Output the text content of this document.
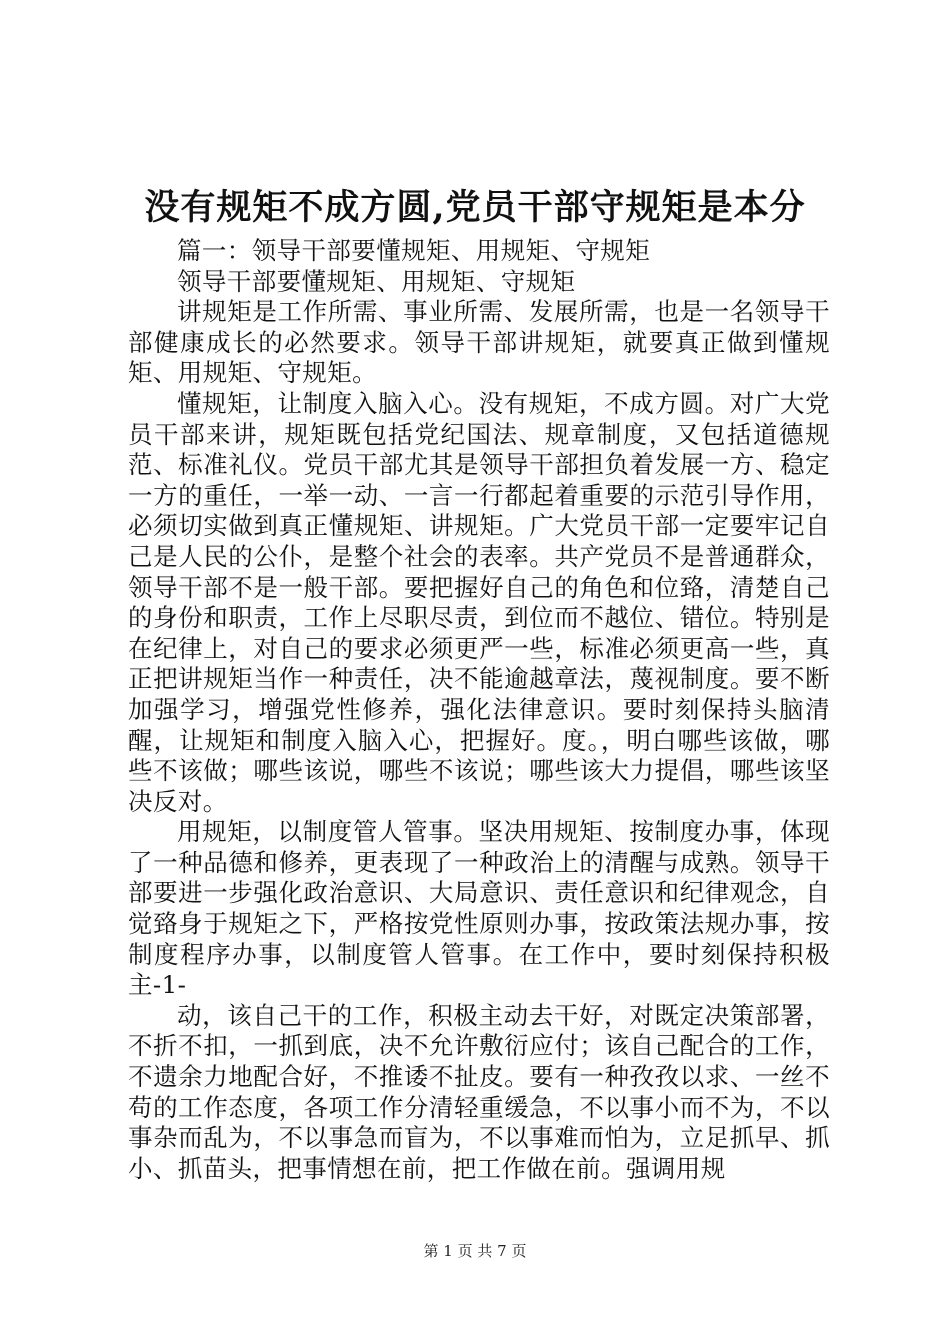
没有规矩不成方圆,党员干部守规矩是本分

篇一：领导干部要懂规矩、用规矩、守规矩

领导干部要懂规矩、用规矩、守规矩

讲规矩是工作所需、事业所需、发展所需，也是一名领导干部健康成长的必然要求。领导干部讲规矩，就要真正做到懂规矩、用规矩、守规矩。

懂规矩，让制度入脑入心。没有规矩，不成方圆。对广大党员干部来讲，规矩既包括党纪国法、规章制度，又包括道德规范、标准礼仪。党员干部尤其是领导干部担负着发展一方、稳定一方的重任，一举一动、一言一行都起着重要的示范引导作用，必须切实做到真正懂规矩、讲规矩。广大党员干部一定要牢记自己是人民的公仆，是整个社会的表率。共产党员不是普通群众，领导干部不是一般干部。要把握好自己的角色和位臵，清楚自己的身份和职责，工作上尽职尽责，到位而不越位、错位。特别是在纪律上，对自己的要求必须更严一些，标准必须更高一些，真正把讲规矩当作一种责任，决不能逾越章法，蔑视制度。要不断加强学习，增强党性修养，强化法律意识。要时刻保持头脑清醒，让规矩和制度入脑入心，把握好。度。，明白哪些该做，哪些不该做；哪些该说，哪些不该说；哪些该大力提倡，哪些该坚决反对。

用规矩，以制度管人管事。坚决用规矩、按制度办事，体现了一种品德和修养，更表现了一种政治上的清醒与成熟。领导干部要进一步强化政治意识、大局意识、责任意识和纪律观念，自觉臵身于规矩之下，严格按党性原则办事，按政策法规办事，按制度程序办事，以制度管人管事。在工作中，要时刻保持积极主-1-

动，该自己干的工作，积极主动去干好，对既定决策部署，不折不扣，一抓到底，决不允许敷衍应付；该自己配合的工作，不遗余力地配合好，不推诿不扯皮。要有一种孜孜以求、一丝不苟的工作态度，各项工作分清轻重缓急，不以事小而不为，不以事杂而乱为，不以事急而盲为，不以事难而怕为，立足抓早、抓小、抓苗头，把事情想在前，把工作做在前。强调用规

第 1 页 共 7 页
